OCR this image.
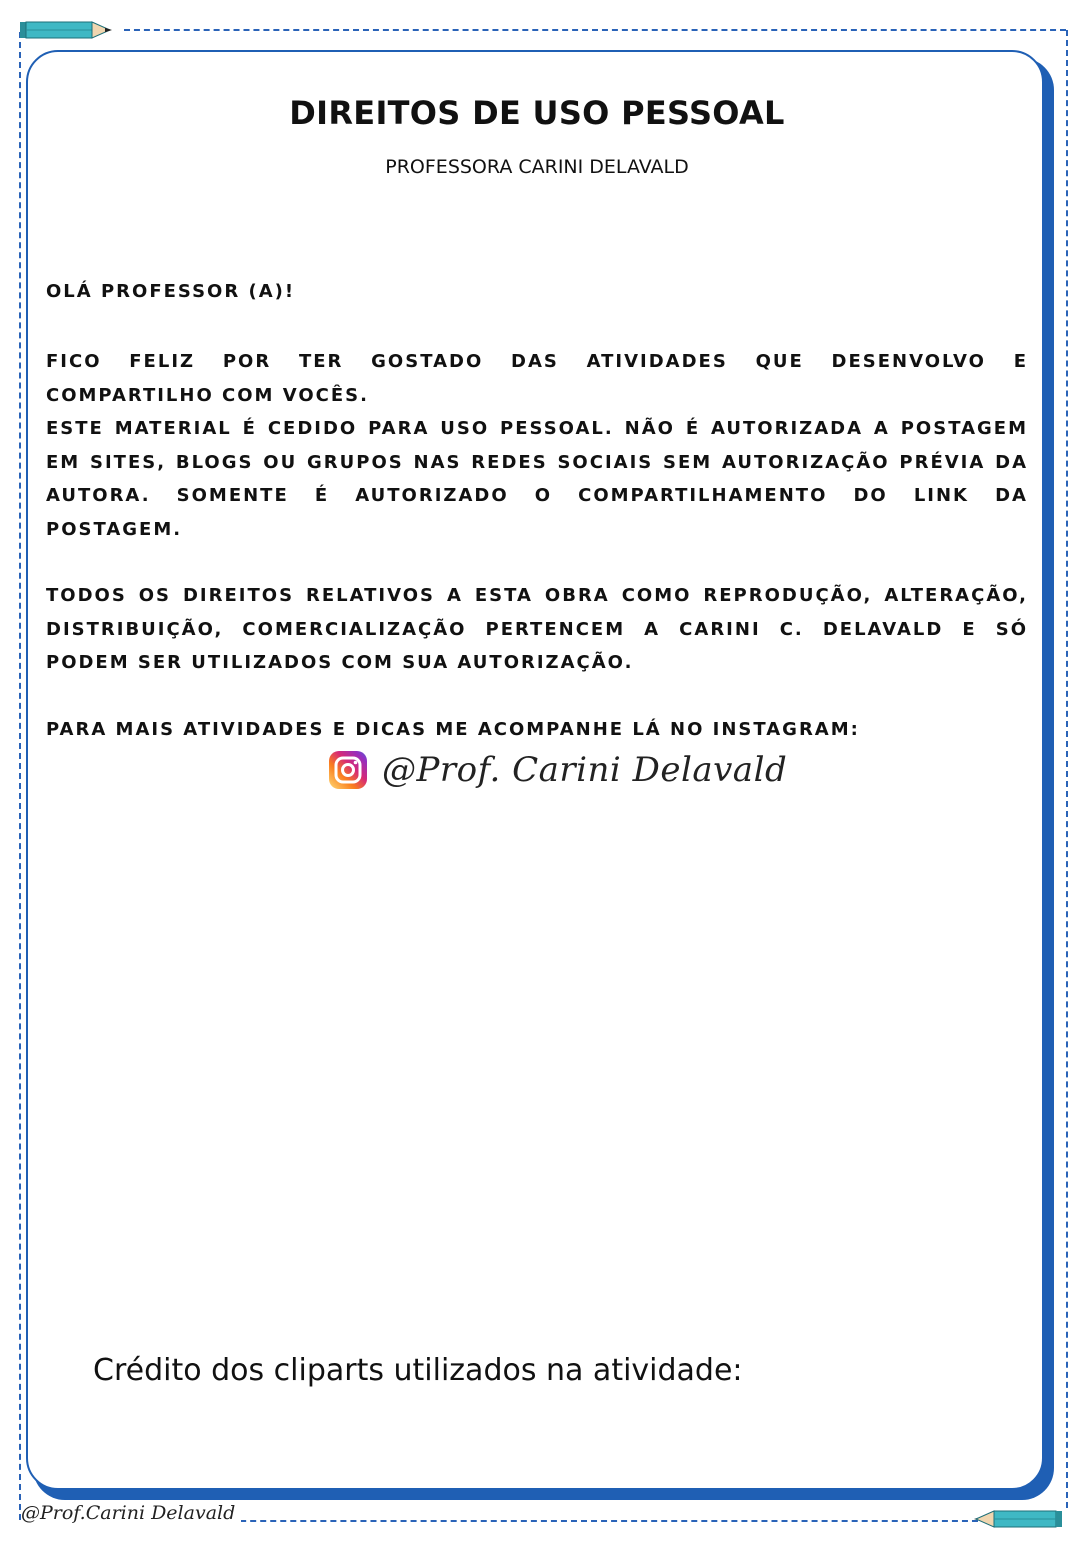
DIREITOS DE USO PESSOAL

PROFESSORA CARINI DELAVALD

OLÁ PROFESSOR (A)!

FICO FELIZ POR TER GOSTADO DAS ATIVIDADES QUE DESENVOLVO E COMPARTILHO COM VOCÊS.

ESTE MATERIAL É CEDIDO PARA USO PESSOAL. NÃO É AUTORIZADA A POSTAGEM EM SITES, BLOGS OU GRUPOS NAS REDES SOCIAIS SEM AUTORIZAÇÃO PRÉVIA DA AUTORA. SOMENTE É AUTORIZADO O COMPARTILHAMENTO DO LINK DA POSTAGEM.

TODOS OS DIREITOS RELATIVOS A ESTA OBRA COMO REPRODUÇÃO, ALTERAÇÃO, DISTRIBUIÇÃO, COMERCIALIZAÇÃO PERTENCEM A CARINI C. DELAVALD E SÓ PODEM SER UTILIZADOS COM SUA AUTORIZAÇÃO.

PARA MAIS ATIVIDADES E DICAS ME ACOMPANHE LÁ NO INSTAGRAM:

@Prof. Carini Delavald

Crédito dos cliparts utilizados na atividade:

@Prof.Carini Delavald
